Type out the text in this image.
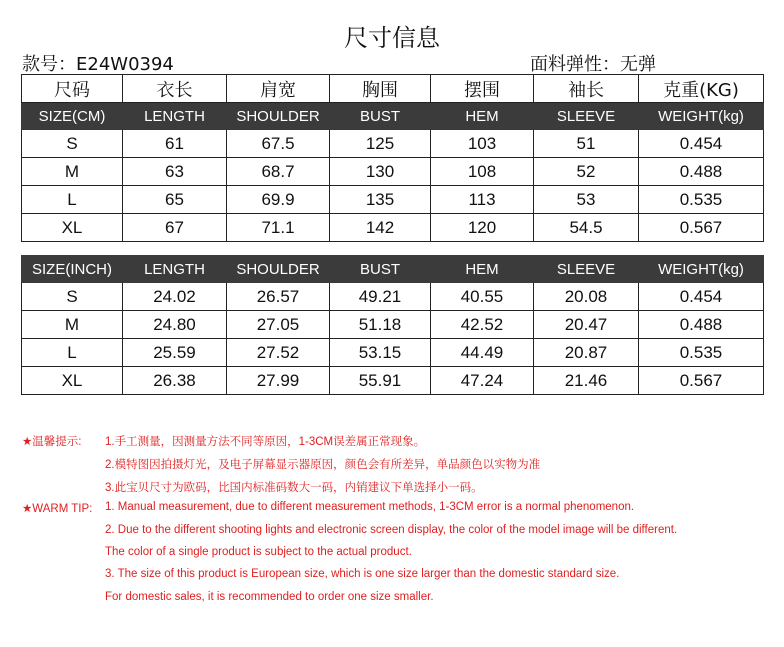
尺寸信息
款号：E24W0394	面料弹性：无弹
尺码	衣长	肩宽	胸围	摆围	袖长	克重(KG)
SIZE(CM)	LENGTH	SHOULDER	BUST	HEM	SLEEVE	WEIGHT(kg)
S	61	67.5	125	103	51	0.454
M	63	68.7	130	108	52	0.488
L	65	69.9	135	113	53	0.535
XL	67	71.1	142	120	54.5	0.567
SIZE(INCH)	LENGTH	SHOULDER	BUST	HEM	SLEEVE	WEIGHT(kg)
S	24.02	26.57	49.21	40.55	20.08	0.454
M	24.80	27.05	51.18	42.52	20.47	0.488
L	25.59	27.52	53.15	44.49	20.87	0.535
XL	26.38	27.99	55.91	47.24	21.46	0.567
★温馨提示: 1.手工测量，因测量方法不同等原因，1-3CM误差属正常现象。
2.模特图因拍摄灯光，及电子屏幕显示器原因，颜色会有所差异，单品颜色以实物为准
3.此宝贝尺寸为欧码，比国内标准码数大一码，内销建议下单选择小一码。
★WARM TIP: 1. Manual measurement, due to different measurement methods, 1-3CM error is a normal phenomenon.
2. Due to the different shooting lights and electronic screen display, the color of the model image will be different.
The color of a single product is subject to the actual product.
3. The size of this product is European size, which is one size larger than the domestic standard size.
For domestic sales, it is recommended to order one size smaller.
